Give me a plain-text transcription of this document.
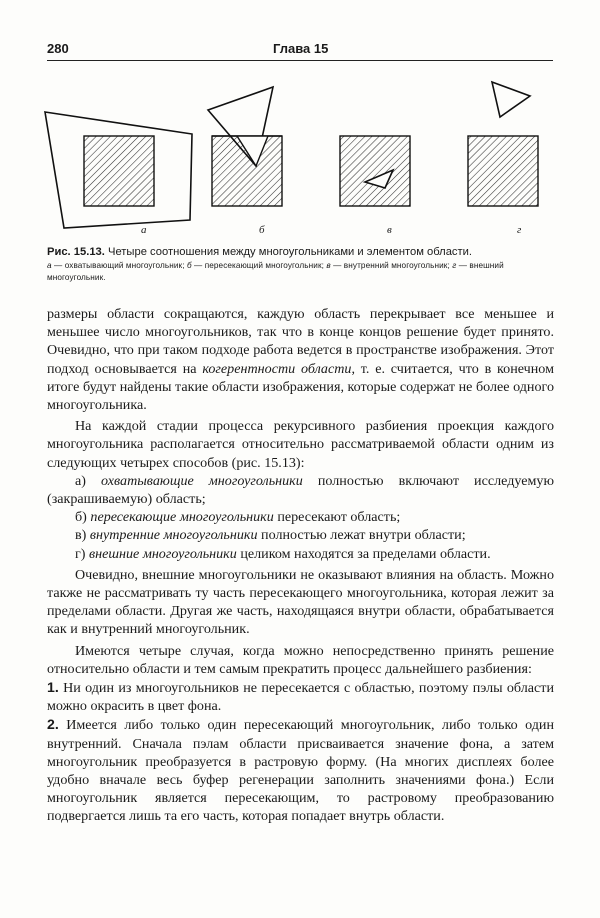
280	Глава 15
а	б	в	г
Рис. 15.13. Четыре соотношения между многоугольниками и элементом области.
а — охватывающий многоугольник; б — пересекающий многоугольник; в — внутренний многоугольник; г — внешний многоугольник.

размеры области сокращаются, каждую область перекрывает все меньшее и меньшее число многоугольников, так что в конце концов решение будет принято. Очевидно, что при таком подходе работа ведется в пространстве изображения. Этот подход основывается на когерентности области, т. е. считается, что в конечном итоге будут найдены такие области изображения, которые содержат не более одного многоугольника.

На каждой стадии процесса рекурсивного разбиения проекция каждого многоугольника располагается относительно рассматриваемой области одним из следующих четырех способов (рис. 15.13):

а) охватывающие многоугольники полностью включают исследуемую (закрашиваемую) область;

б) пересекающие многоугольники пересекают область;

в) внутренние многоугольники полностью лежат внутри области;

г) внешние многоугольники целиком находятся за пределами области.

Очевидно, внешние многоугольники не оказывают влияния на область. Можно также не рассматривать ту часть пересекающего многоугольника, которая лежит за пределами области. Другая же часть, находящаяся внутри области, обрабатывается как и внутренний многоугольник.

Имеются четыре случая, когда можно непосредственно принять решение относительно области и тем самым прекратить процесс дальнейшего разбиения:

1. Ни один из многоугольников не пересекается с областью, поэтому пэлы области можно окрасить в цвет фона.

2. Имеется либо только один пересекающий многоугольник, либо только один внутренний. Сначала пэлам области присваивается значение фона, а затем многоугольник преобразуется в растровую форму. (На многих дисплеях более удобно вначале весь буфер регенерации заполнить значениями фона.) Если многоугольник является пересекающим, то растровому преобразованию подвергается лишь та его часть, которая попадает внутрь области.
